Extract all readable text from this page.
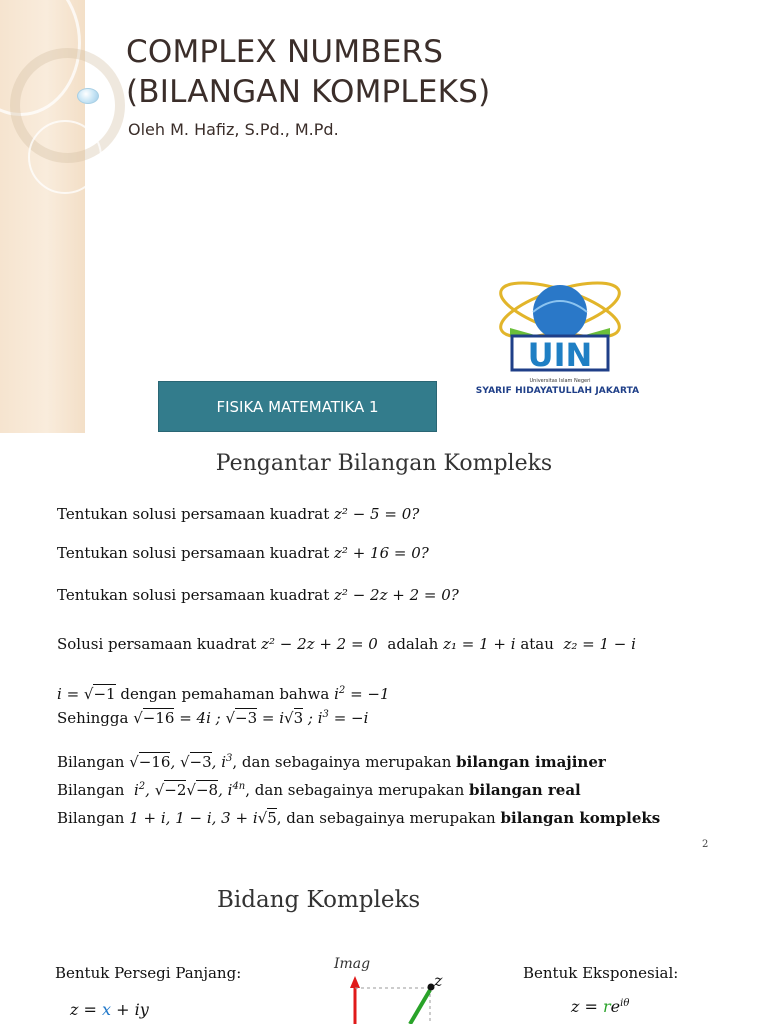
COMPLEX NUMBERS
(BILANGAN KOMPLEKS)
Oleh M. Hafiz, S.Pd., M.Pd.
UIN
Universitas Islam Negeri
SYARIF HIDAYATULLAH JAKARTA
FISIKA MATEMATIKA 1
Pengantar Bilangan Kompleks
Tentukan solusi persamaan kuadrat z² − 5 = 0?
Tentukan solusi persamaan kuadrat z² + 16 = 0?
Tentukan solusi persamaan kuadrat z² − 2z + 2 = 0?
Solusi persamaan kuadrat z² − 2z + 2 = 0 adalah z₁ = 1 + i atau z₂ = 1 − i
i = √−1 dengan pemahaman bahwa $i^2 = -1$
Sehingga √−16 = 4i ; √−3 = i√3 ; $i^3 = -i$
Bilangan √−16, √−3, $i^3$, dan sebagainya merupakan bilangan imajiner
Bilangan $i^2$, √−2√−8, $i^{4n}$, dan sebagainya merupakan bilangan real
Bilangan 1 + i, 1 − i, 3 + i√5, dan sebagainya merupakan bilangan kompleks
2
Bidang Kompleks
Bentuk Persegi Panjang:	Bentuk Eksponesial:
z = x + iy	$z = re^{i\theta}$
Imag
z
